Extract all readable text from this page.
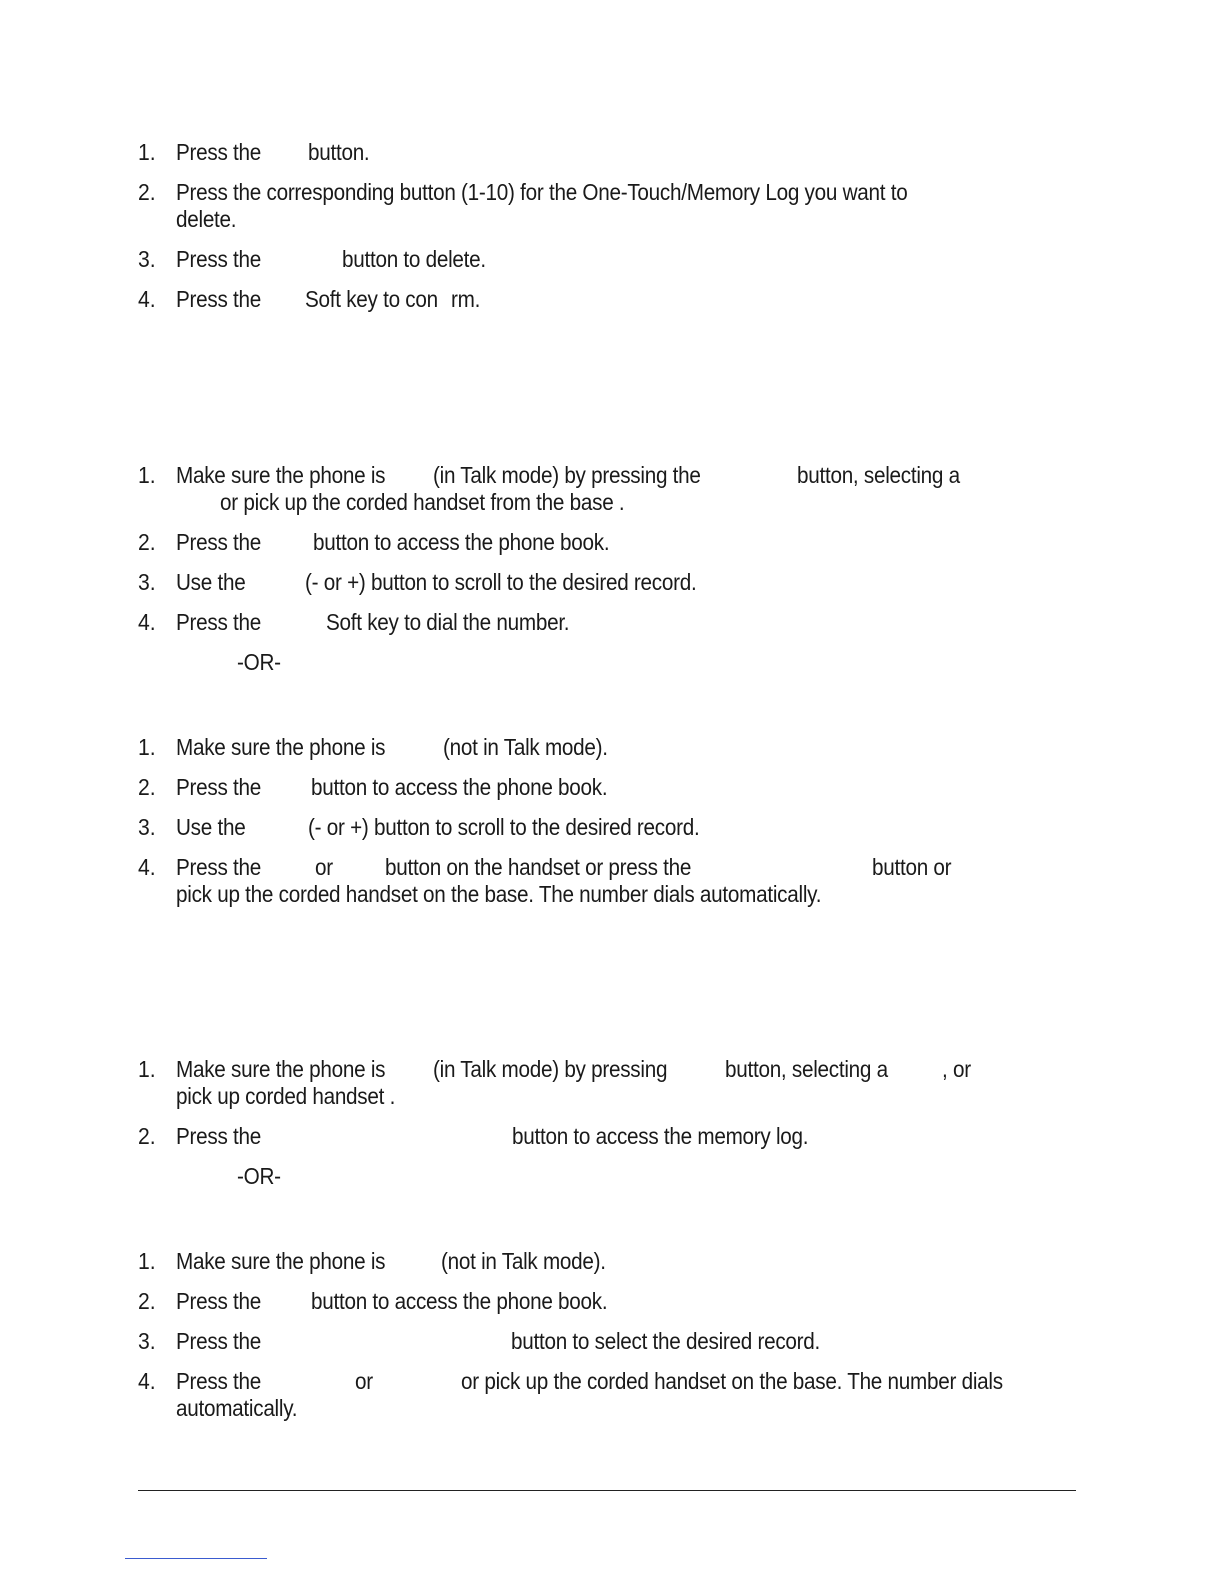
1. Press the button.
2. Press the corresponding button (1-10) for the One-Touch/Memory Log you want to
delete.
3. Press the	button to delete.
4. Press the Soft key to con rm.
1. Make sure the phone is (in Talk mode) by pressing the	button, selecting a
or pick up the corded handset from the base .
2. Press the button to access the phone book.
3. Use the	(- or +) button to scroll to the desired record.
4. Press the	Soft key to dial the number.
-OR-
1. Make sure the phone is	(not in Talk mode).
2. Press the button to access the phone book.
3. Use the	(- or +) button to scroll to the desired record.
4. Press the or button on the handset or press the	button or
pick up the corded handset on the base. The number dials automatically.
1. Make sure the phone is (in Talk mode) by pressing	button, selecting a , or
pick up corded handset .
2. Press the	button to access the memory log.
-OR-
1. Make sure the phone is (not in Talk mode).
2. Press the button to access the phone book.
3. Press the	button to select the desired record.
4. Press the	or	or pick up the corded handset on the base. The number dials
automatically.
